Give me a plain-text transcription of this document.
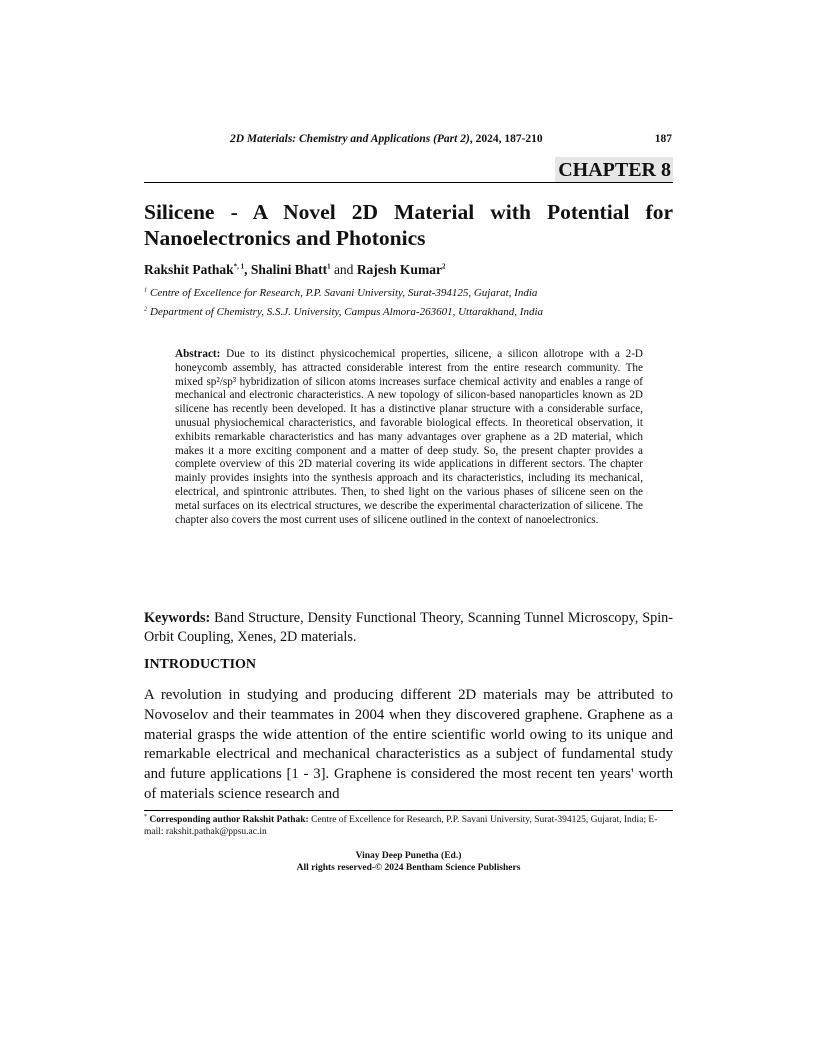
2D Materials: Chemistry and Applications (Part 2), 2024, 187-210	187
CHAPTER 8
Silicene - A Novel 2D Material with Potential for Nanoelectronics and Photonics
Rakshit Pathak$^{*, 1}$, Shalini Bhatt$^1$ and Rajesh Kumar$^2$
$^1$ Centre of Excellence for Research, P.P. Savani University, Surat-394125, Gujarat, India
$^2$ Department of Chemistry, S.S.J. University, Campus Almora-263601, Uttarakhand, India
Abstract: Due to its distinct physicochemical properties, silicene, a silicon allotrope with a 2-D honeycomb assembly, has attracted considerable interest from the entire research community. The mixed sp²/sp³ hybridization of silicon atoms increases surface chemical activity and enables a range of mechanical and electronic characteristics. A new topology of silicon-based nanoparticles known as 2D silicene has recently been developed. It has a distinctive planar structure with a considerable surface, unusual physiochemical characteristics, and favorable biological effects. In theoretical observation, it exhibits remarkable characteristics and has many advantages over graphene as a 2D material, which makes it a more exciting component and a matter of deep study. So, the present chapter provides a complete overview of this 2D material covering its wide applications in different sectors. The chapter mainly provides insights into the synthesis approach and its characteristics, including its mechanical, electrical, and spintronic attributes. Then, to shed light on the various phases of silicene seen on the metal surfaces on its electrical structures, we describe the experimental characterization of silicene. The chapter also covers the most current uses of silicene outlined in the context of nanoelectronics.
Keywords: Band Structure, Density Functional Theory, Scanning Tunnel Microscopy, Spin-Orbit Coupling, Xenes, 2D materials.
INTRODUCTION
A revolution in studying and producing different 2D materials may be attributed to Novoselov and their teammates in 2004 when they discovered graphene. Graphene as a material grasps the wide attention of the entire scientific world owing to its unique and remarkable electrical and mechanical characteristics as a subject of fundamental study and future applications [1 - 3]. Graphene is considered the most recent ten years' worth of materials science research and
* Corresponding author Rakshit Pathak: Centre of Excellence for Research, P.P. Savani University, Surat-394125, Gujarat, India; E-mail: rakshit.pathak@ppsu.ac.in
Vinay Deep Punetha (Ed.)
All rights reserved-© 2024 Bentham Science Publishers
